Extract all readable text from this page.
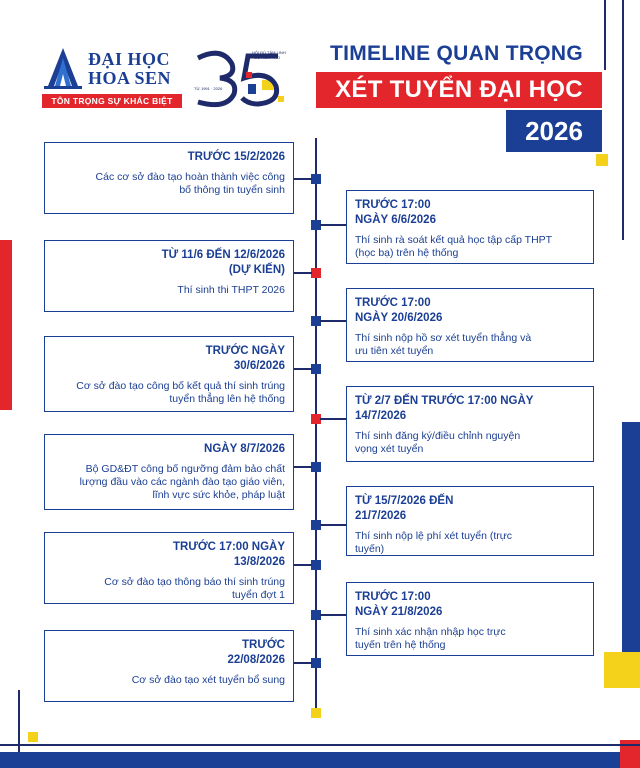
ĐẠI HỌC
HOA SEN
TÔN TRỌNG SỰ KHÁC BIỆT
HỘI ĐỦ TÂM LINH · ĐỦ KIẾN TẠO
TỪ 1991 · 2026
TIMELINE QUAN TRỌNG
XÉT TUYỂN ĐẠI HỌC
2026
TRƯỚC 15/2/2026
Các cơ sở đào tạo hoàn thành việc công bố thông tin tuyển sinh
TỪ 11/6 ĐẾN 12/6/2026 (DỰ KIẾN)
Thí sinh thi THPT 2026
TRƯỚC NGÀY 30/6/2026
Cơ sở đào tạo công bố kết quả thí sinh trúng tuyển thẳng lên hệ thống
NGÀY 8/7/2026
Bộ GD&ĐT công bố ngưỡng đảm bảo chất lượng đầu vào các ngành đào tạo giáo viên, lĩnh vực sức khỏe, pháp luật
TRƯỚC 17:00 NGÀY 13/8/2026
Cơ sở đào tạo thông báo thí sinh trúng tuyển đợt 1
TRƯỚC 22/08/2026
Cơ sở đào tạo xét tuyển bổ sung
TRƯỚC 17:00 NGÀY 6/6/2026
Thí sinh rà soát kết quả học tập cấp THPT (học bạ) trên hệ thống
TRƯỚC 17:00 NGÀY 20/6/2026
Thí sinh nộp hồ sơ xét tuyển thẳng và ưu tiên xét tuyển
TỪ 2/7 ĐẾN TRƯỚC 17:00 NGÀY 14/7/2026
Thí sinh đăng ký/điều chỉnh nguyện vọng xét tuyển
TỪ 15/7/2026 ĐẾN 21/7/2026
Thí sinh nộp lệ phí xét tuyển (trực tuyến)
TRƯỚC 17:00 NGÀY 21/8/2026
Thí sinh xác nhận nhập học trực tuyến trên hệ thống
